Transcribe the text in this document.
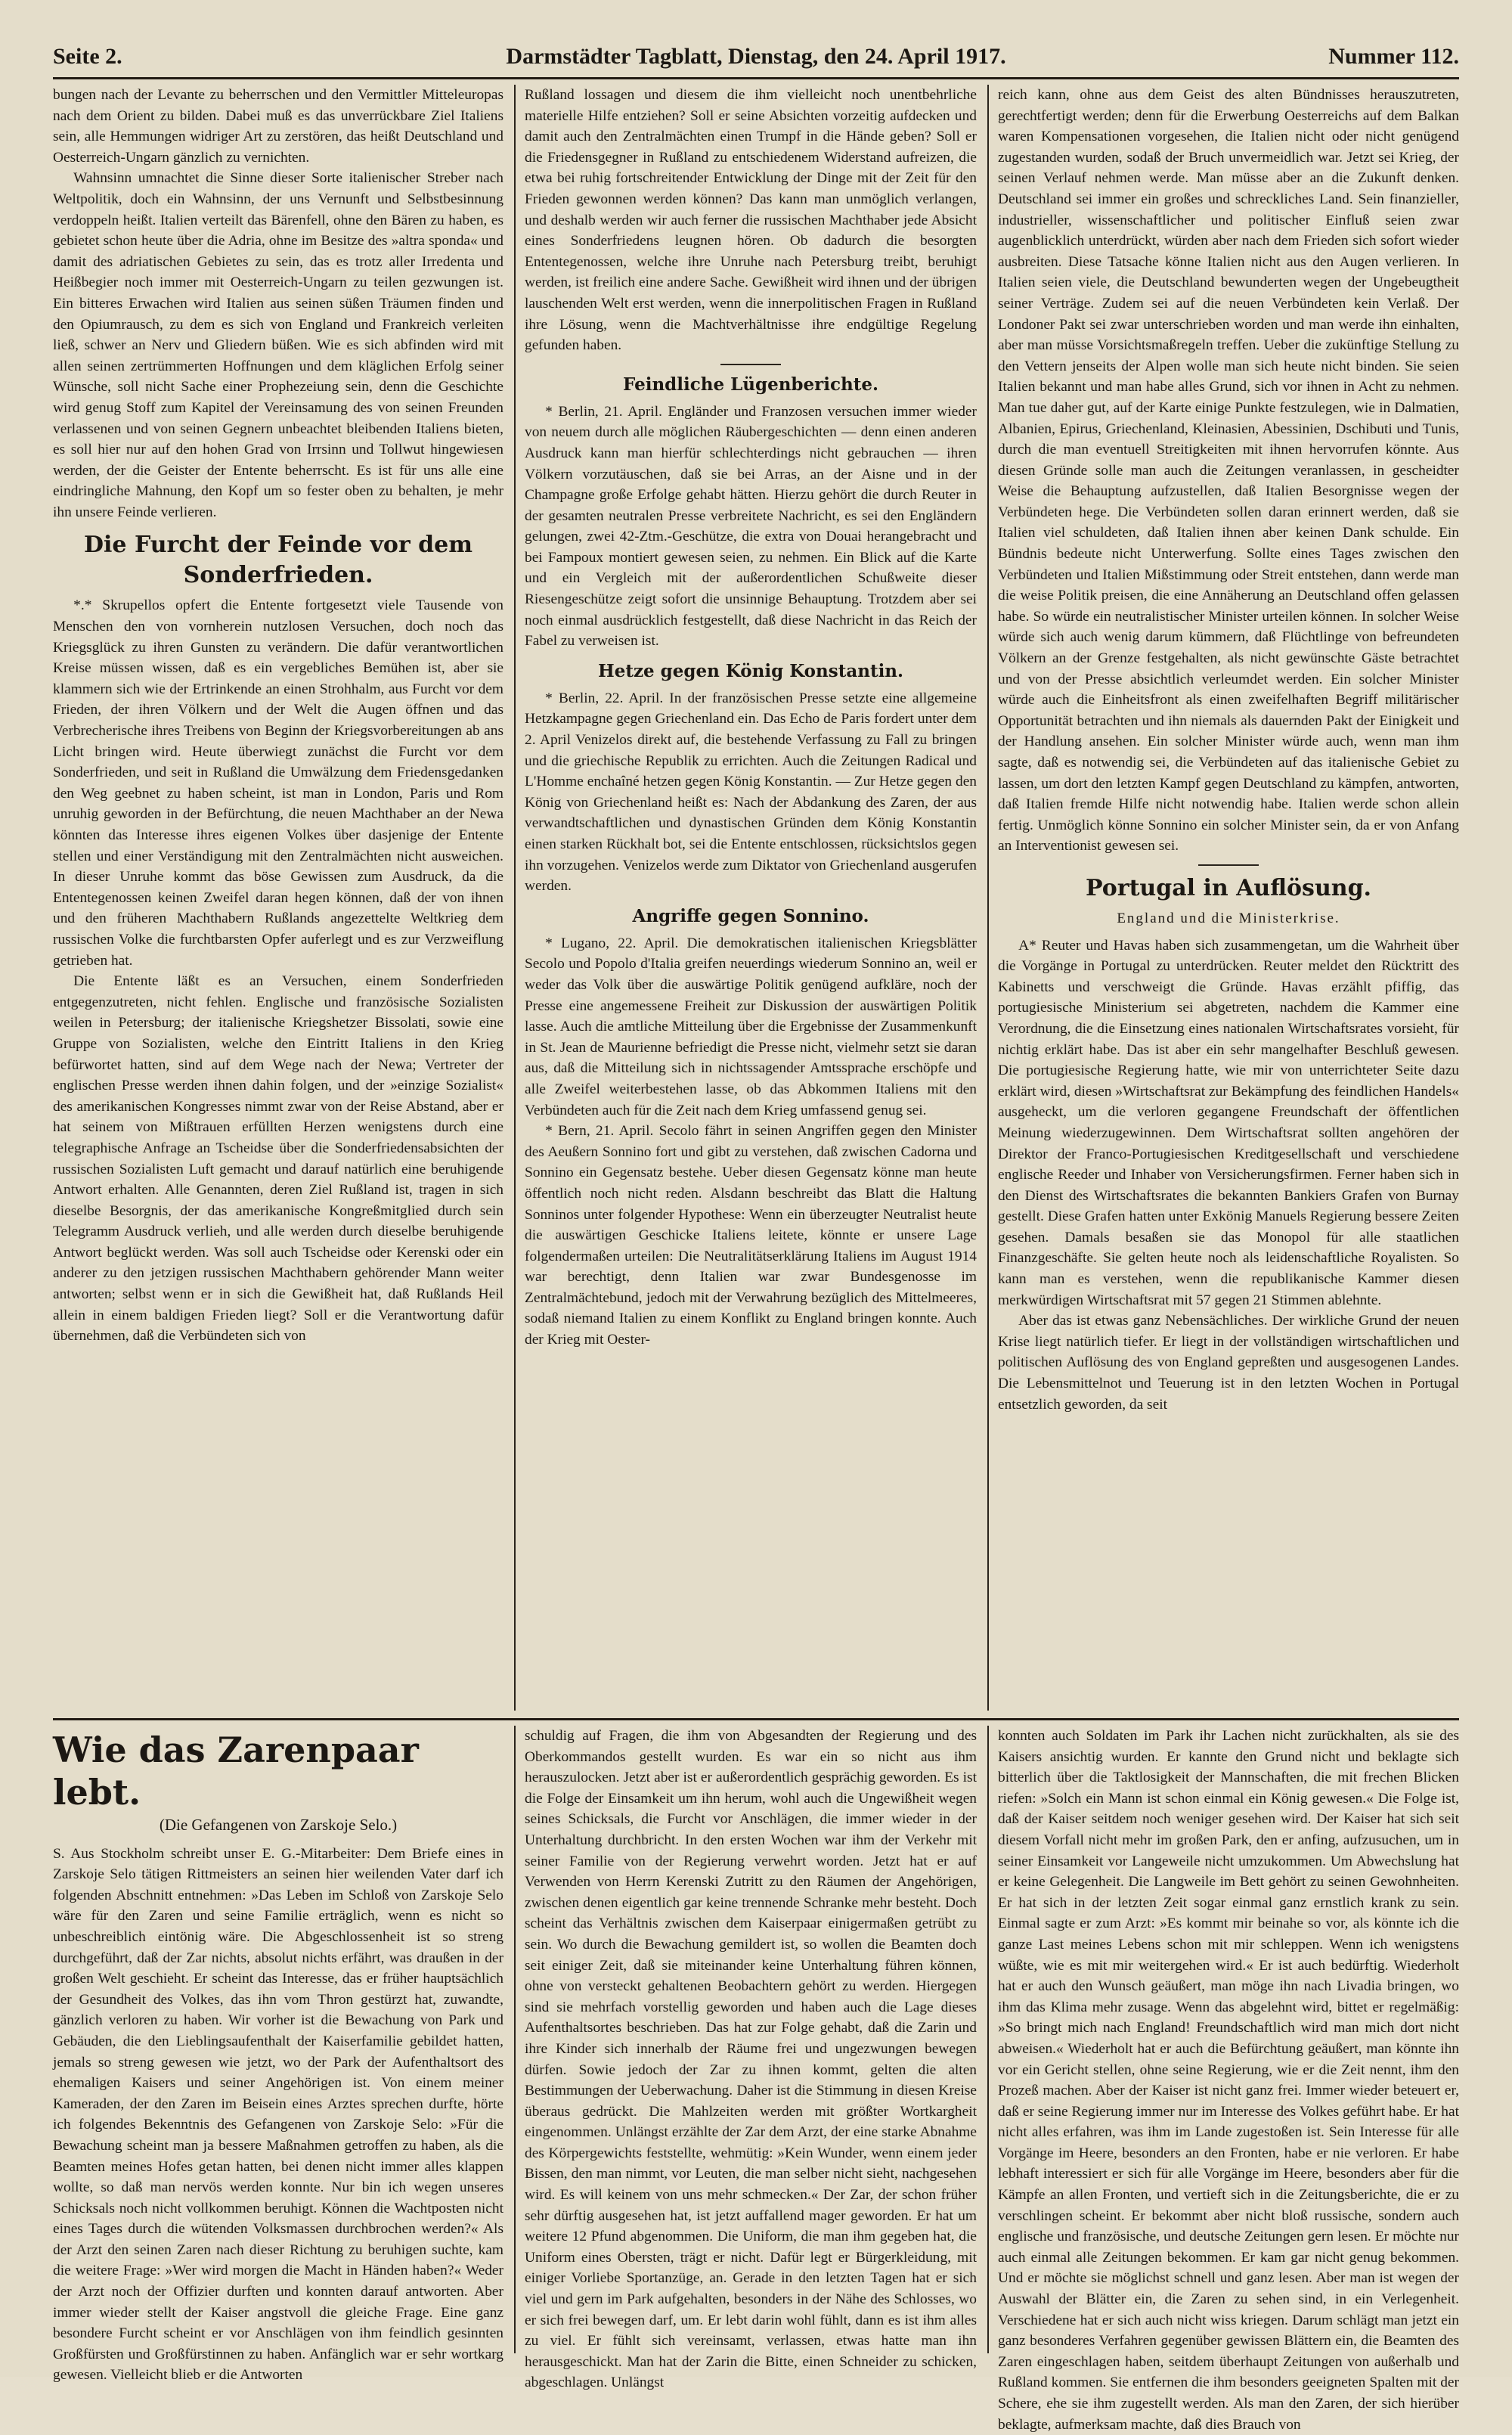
Darmstädter Tagblatt, Dienstag, den 24. April 1917.
Seite 2.	Nummer 112.

bungen nach der Levante zu beherrschen und den Vermittler Mitteleuropas nach dem Orient zu bilden. Dabei muß es das unverrückbare Ziel Italiens sein, alle Hemmungen widriger Art zu zerstören, das heißt Deutschland und Oesterreich-Ungarn gänzlich zu vernichten.

Wahnsinn umnachtet die Sinne dieser Sorte italienischer Streber nach Weltpolitik, doch ein Wahnsinn, der uns Vernunft und Selbstbesinnung verdoppeln heißt. Italien verteilt das Bärenfell, ohne den Bären zu haben, es gebietet schon heute über die Adria, ohne im Besitze des »altra sponda« und damit des adriatischen Gebietes zu sein, das es trotz aller Irredenta und Heißbegier noch immer mit Oesterreich-Ungarn zu teilen gezwungen ist. Ein bitteres Erwachen wird Italien aus seinen süßen Träumen finden und den Opiumrausch, zu dem es sich von England und Frankreich verleiten ließ, schwer an Nerv und Gliedern büßen. Wie es sich abfinden wird mit allen seinen zertrümmerten Hoffnungen und dem kläglichen Erfolg seiner Wünsche, soll nicht Sache einer Prophezeiung sein, denn die Geschichte wird genug Stoff zum Kapitel der Vereinsamung des von seinen Freunden verlassenen und von seinen Gegnern unbeachtet bleibenden Italiens bieten, es soll hier nur auf den hohen Grad von Irrsinn und Tollwut hingewiesen werden, der die Geister der Entente beherrscht. Es ist für uns alle eine eindringliche Mahnung, den Kopf um so fester oben zu behalten, je mehr ihn unsere Feinde verlieren.

Die Furcht der Feinde vor dem Sonderfrieden.

*.* Skrupellos opfert die Entente fortgesetzt viele Tausende von Menschen den von vornherein nutzlosen Versuchen, doch noch das Kriegsglück zu ihren Gunsten zu verändern. Die dafür verantwortlichen Kreise müssen wissen, daß es ein vergebliches Bemühen ist, aber sie klammern sich wie der Ertrinkende an einen Strohhalm, aus Furcht vor dem Frieden, der ihren Völkern und der Welt die Augen öffnen und das Verbrecherische ihres Treibens von Beginn der Kriegsvorbereitungen ab ans Licht bringen wird. Heute überwiegt zunächst die Furcht vor dem Sonderfrieden, und seit in Rußland die Umwälzung dem Friedensgedanken den Weg geebnet zu haben scheint, ist man in London, Paris und Rom unruhig geworden in der Befürchtung, die neuen Machthaber an der Newa könnten das Interesse ihres eigenen Volkes über dasjenige der Entente stellen und einer Verständigung mit den Zentralmächten nicht ausweichen. In dieser Unruhe kommt das böse Gewissen zum Ausdruck, da die Ententegenossen keinen Zweifel daran hegen können, daß der von ihnen und den früheren Machthabern Rußlands angezettelte Weltkrieg dem russischen Volke die furchtbarsten Opfer auferlegt und es zur Verzweiflung getrieben hat.

Die Entente läßt es an Versuchen, einem Sonderfrieden entgegenzutreten, nicht fehlen. Englische und französische Sozialisten weilen in Petersburg; der italienische Kriegshetzer Bissolati, sowie eine Gruppe von Sozialisten, welche den Eintritt Italiens in den Krieg befürwortet hatten, sind auf dem Wege nach der Newa; Vertreter der englischen Presse werden ihnen dahin folgen, und der »einzige Sozialist« des amerikanischen Kongresses nimmt zwar von der Reise Abstand, aber er hat seinem von Mißtrauen erfüllten Herzen wenigstens durch eine telegraphische Anfrage an Tscheidse über die Sonderfriedensabsichten der russischen Sozialisten Luft gemacht und darauf natürlich eine beruhigende Antwort erhalten. Alle Genannten, deren Ziel Rußland ist, tragen in sich dieselbe Besorgnis, der das amerikanische Kongreßmitglied durch sein Telegramm Ausdruck verlieh, und alle werden durch dieselbe beruhigende Antwort beglückt werden. Was soll auch Tscheidse oder Kerenski oder ein anderer zu den jetzigen russischen Machthabern gehörender Mann weiter antworten; selbst wenn er in sich die Gewißheit hat, daß Rußlands Heil allein in einem baldigen Frieden liegt? Soll er die Verantwortung dafür übernehmen, daß die Verbündeten sich von

Rußland lossagen und diesem die ihm vielleicht noch unentbehrliche materielle Hilfe entziehen? Soll er seine Absichten vorzeitig aufdecken und damit auch den Zentralmächten einen Trumpf in die Hände geben? Soll er die Friedensgegner in Rußland zu entschiedenem Widerstand aufreizen, die etwa bei ruhig fortschreitender Entwicklung der Dinge mit der Zeit für den Frieden gewonnen werden können? Das kann man unmöglich verlangen, und deshalb werden wir auch ferner die russischen Machthaber jede Absicht eines Sonderfriedens leugnen hören. Ob dadurch die besorgten Ententegenossen, welche ihre Unruhe nach Petersburg treibt, beruhigt werden, ist freilich eine andere Sache. Gewißheit wird ihnen und der übrigen lauschenden Welt erst werden, wenn die innerpolitischen Fragen in Rußland ihre Lösung, wenn die Machtverhältnisse ihre endgültige Regelung gefunden haben.

Feindliche Lügenberichte.

* Berlin, 21. April. Engländer und Franzosen versuchen immer wieder von neuem durch alle möglichen Räubergeschichten — denn einen anderen Ausdruck kann man hierfür schlechterdings nicht gebrauchen — ihren Völkern vorzutäuschen, daß sie bei Arras, an der Aisne und in der Champagne große Erfolge gehabt hätten. Hierzu gehört die durch Reuter in der gesamten neutralen Presse verbreitete Nachricht, es sei den Engländern gelungen, zwei 42-Ztm.-Geschütze, die extra von Douai herangebracht und bei Fampoux montiert gewesen seien, zu nehmen. Ein Blick auf die Karte und ein Vergleich mit der außerordentlichen Schußweite dieser Riesengeschütze zeigt sofort die unsinnige Behauptung. Trotzdem aber sei noch einmal ausdrücklich festgestellt, daß diese Nachricht in das Reich der Fabel zu verweisen ist.

Hetze gegen König Konstantin.

* Berlin, 22. April. In der französischen Presse setzte eine allgemeine Hetzkampagne gegen Griechenland ein. Das Echo de Paris fordert unter dem 2. April Venizelos direkt auf, die bestehende Verfassung zu Fall zu bringen und die griechische Republik zu errichten. Auch die Zeitungen Radical und L'Homme enchaîné hetzen gegen König Konstantin. — Zur Hetze gegen den König von Griechenland heißt es: Nach der Abdankung des Zaren, der aus verwandtschaftlichen und dynastischen Gründen dem König Konstantin einen starken Rückhalt bot, sei die Entente entschlossen, rücksichtslos gegen ihn vorzugehen. Venizelos werde zum Diktator von Griechenland ausgerufen werden.

Angriffe gegen Sonnino.

* Lugano, 22. April. Die demokratischen italienischen Kriegsblätter Secolo und Popolo d'Italia greifen neuerdings wiederum Sonnino an, weil er weder das Volk über die auswärtige Politik genügend aufkläre, noch der Presse eine angemessene Freiheit zur Diskussion der auswärtigen Politik lasse. Auch die amtliche Mitteilung über die Ergebnisse der Zusammenkunft in St. Jean de Maurienne befriedigt die Presse nicht, vielmehr setzt sie daran aus, daß die Mitteilung sich in nichtssagender Amtssprache erschöpfe und alle Zweifel weiterbestehen lasse, ob das Abkommen Italiens mit den Verbündeten auch für die Zeit nach dem Krieg umfassend genug sei.

* Bern, 21. April. Secolo fährt in seinen Angriffen gegen den Minister des Aeußern Sonnino fort und gibt zu verstehen, daß zwischen Cadorna und Sonnino ein Gegensatz bestehe. Ueber diesen Gegensatz könne man heute öffentlich noch nicht reden. Alsdann beschreibt das Blatt die Haltung Sonninos unter folgender Hypothese: Wenn ein überzeugter Neutralist heute die auswärtigen Geschicke Italiens leitete, könnte er unsere Lage folgendermaßen urteilen: Die Neutralitätserklärung Italiens im August 1914 war berechtigt, denn Italien war zwar Bundesgenosse im Zentralmächtebund, jedoch mit der Verwahrung bezüglich des Mittelmeeres, sodaß niemand Italien zu einem Konflikt zu England bringen konnte. Auch der Krieg mit Oester-

reich kann, ohne aus dem Geist des alten Bündnisses herauszutreten, gerechtfertigt werden; denn für die Erwerbung Oesterreichs auf dem Balkan waren Kompensationen vorgesehen, die Italien nicht oder nicht genügend zugestanden wurden, sodaß der Bruch unvermeidlich war. Jetzt sei Krieg, der seinen Verlauf nehmen werde. Man müsse aber an die Zukunft denken. Deutschland sei immer ein großes und schreckliches Land. Sein finanzieller, industrieller, wissenschaftlicher und politischer Einfluß seien zwar augenblicklich unterdrückt, würden aber nach dem Frieden sich sofort wieder ausbreiten. Diese Tatsache könne Italien nicht aus den Augen verlieren. In Italien seien viele, die Deutschland bewunderten wegen der Ungebeugtheit seiner Verträge. Zudem sei auf die neuen Verbündeten kein Verlaß. Der Londoner Pakt sei zwar unterschrieben worden und man werde ihn einhalten, aber man müsse Vorsichtsmaßregeln treffen. Ueber die zukünftige Stellung zu den Vettern jenseits der Alpen wolle man sich heute nicht binden. Sie seien Italien bekannt und man habe alles Grund, sich vor ihnen in Acht zu nehmen. Man tue daher gut, auf der Karte einige Punkte festzulegen, wie in Dalmatien, Albanien, Epirus, Griechenland, Kleinasien, Abessinien, Dschibuti und Tunis, durch die man eventuell Streitigkeiten mit ihnen hervorrufen könnte. Aus diesen Gründe solle man auch die Zeitungen veranlassen, in gescheidter Weise die Behauptung aufzustellen, daß Italien Besorgnisse wegen der Verbündeten hege. Die Verbündeten sollen daran erinnert werden, daß sie Italien viel schuldeten, daß Italien ihnen aber keinen Dank schulde. Ein Bündnis bedeute nicht Unterwerfung. Sollte eines Tages zwischen den Verbündeten und Italien Mißstimmung oder Streit entstehen, dann werde man die weise Politik preisen, die eine Annäherung an Deutschland offen gelassen habe. So würde ein neutralistischer Minister urteilen können. In solcher Weise würde sich auch wenig darum kümmern, daß Flüchtlinge von befreundeten Völkern an der Grenze festgehalten, als nicht gewünschte Gäste betrachtet und von der Presse absichtlich verleumdet werden. Ein solcher Minister würde auch die Einheitsfront als einen zweifelhaften Begriff militärischer Opportunität betrachten und ihn niemals als dauernden Pakt der Einigkeit und der Handlung ansehen. Ein solcher Minister würde auch, wenn man ihm sagte, daß es notwendig sei, die Verbündeten auf das italienische Gebiet zu lassen, um dort den letzten Kampf gegen Deutschland zu kämpfen, antworten, daß Italien fremde Hilfe nicht notwendig habe. Italien werde schon allein fertig. Unmöglich könne Sonnino ein solcher Minister sein, da er von Anfang an Interventionist gewesen sei.

Portugal in Auflösung.
England und die Ministerkrise.

A* Reuter und Havas haben sich zusammengetan, um die Wahrheit über die Vorgänge in Portugal zu unterdrücken. Reuter meldet den Rücktritt des Kabinetts und verschweigt die Gründe. Havas erzählt pfiffig, das portugiesische Ministerium sei abgetreten, nachdem die Kammer eine Verordnung, die die Einsetzung eines nationalen Wirtschaftsrates vorsieht, für nichtig erklärt habe. Das ist aber ein sehr mangelhafter Beschluß gewesen. Die portugiesische Regierung hatte, wie mir von unterrichteter Seite dazu erklärt wird, diesen »Wirtschaftsrat zur Bekämpfung des feindlichen Handels« ausgeheckt, um die verloren gegangene Freundschaft der öffentlichen Meinung wiederzugewinnen. Dem Wirtschaftsrat sollten angehören der Direktor der Franco-Portugiesischen Kreditgesellschaft und verschiedene englische Reeder und Inhaber von Versicherungsfirmen. Ferner haben sich in den Dienst des Wirtschaftsrates die bekannten Bankiers Grafen von Burnay gestellt. Diese Grafen hatten unter Exkönig Manuels Regierung bessere Zeiten gesehen. Damals besaßen sie das Monopol für alle staatlichen Finanzgeschäfte. Sie gelten heute noch als leidenschaftliche Royalisten. So kann man es verstehen, wenn die republikanische Kammer diesen merkwürdigen Wirtschaftsrat mit 57 gegen 21 Stimmen ablehnte.

Aber das ist etwas ganz Nebensächliches. Der wirkliche Grund der neuen Krise liegt natürlich tiefer. Er liegt in der vollständigen wirtschaftlichen und politischen Auflösung des von England gepreßten und ausgesogenen Landes. Die Lebensmittelnot und Teuerung ist in den letzten Wochen in Portugal entsetzlich geworden, da seit

Wie das Zarenpaar lebt.
(Die Gefangenen von Zarskoje Selo.)

S. Aus Stockholm schreibt unser E. G.-Mitarbeiter: Dem Briefe eines in Zarskoje Selo tätigen Rittmeisters an seinen hier weilenden Vater darf ich folgenden Abschnitt entnehmen: »Das Leben im Schloß von Zarskoje Selo wäre für den Zaren und seine Familie erträglich, wenn es nicht so unbeschreiblich eintönig wäre. Die Abgeschlossenheit ist so streng durchgeführt, daß der Zar nichts, absolut nichts erfährt, was draußen in der großen Welt geschieht. Er scheint das Interesse, das er früher hauptsächlich der Gesundheit des Volkes, das ihn vom Thron gestürzt hat, zuwandte, gänzlich verloren zu haben. Wir vorher ist die Bewachung von Park und Gebäuden, die den Lieblingsaufenthalt der Kaiserfamilie gebildet hatten, jemals so streng gewesen wie jetzt, wo der Park der Aufenthaltsort des ehemaligen Kaisers und seiner Angehörigen ist. Von einem meiner Kameraden, der den Zaren im Beisein eines Arztes sprechen durfte, hörte ich folgendes Bekenntnis des Gefangenen von Zarskoje Selo: »Für die Bewachung scheint man ja bessere Maßnahmen getroffen zu haben, als die Beamten meines Hofes getan hatten, bei denen nicht immer alles klappen wollte, so daß man nervös werden konnte. Nur bin ich wegen unseres Schicksals noch nicht vollkommen beruhigt. Können die Wachtposten nicht eines Tages durch die wütenden Volksmassen durchbrochen werden?« Als der Arzt den seinen Zaren nach dieser Richtung zu beruhigen suchte, kam die weitere Frage: »Wer wird morgen die Macht in Händen haben?« Weder der Arzt noch der Offizier durften und konnten darauf antworten. Aber immer wieder stellt der Kaiser angstvoll die gleiche Frage. Eine ganz besondere Furcht scheint er vor Anschlägen von ihm feindlich gesinnten Großfürsten und Großfürstinnen zu haben. Anfänglich war er sehr wortkarg gewesen. Vielleicht blieb er die Antworten

schuldig auf Fragen, die ihm von Abgesandten der Regierung und des Oberkommandos gestellt wurden. Es war ein so nicht aus ihm herauszulocken. Jetzt aber ist er außerordentlich gesprächig geworden. Es ist die Folge der Einsamkeit um ihn herum, wohl auch die Ungewißheit wegen seines Schicksals, die Furcht vor Anschlägen, die immer wieder in der Unterhaltung durchbricht. In den ersten Wochen war ihm der Verkehr mit seiner Familie von der Regierung verwehrt worden. Jetzt hat er auf Verwenden von Herrn Kerenski Zutritt zu den Räumen der Angehörigen, zwischen denen eigentlich gar keine trennende Schranke mehr besteht. Doch scheint das Verhältnis zwischen dem Kaiserpaar einigermaßen getrübt zu sein. Wo durch die Bewachung gemildert ist, so wollen die Beamten doch seit einiger Zeit, daß sie miteinander keine Unterhaltung führen können, ohne von versteckt gehaltenen Beobachtern gehört zu werden. Hiergegen sind sie mehrfach vorstellig geworden und haben auch die Lage dieses Aufenthaltsortes beschrieben. Das hat zur Folge gehabt, daß die Zarin und ihre Kinder sich innerhalb der Räume frei und ungezwungen bewegen dürfen. Sowie jedoch der Zar zu ihnen kommt, gelten die alten Bestimmungen der Ueberwachung. Daher ist die Stimmung in diesen Kreise überaus gedrückt. Die Mahlzeiten werden mit größter Wortkargheit eingenommen. Unlängst erzählte der Zar dem Arzt, der eine starke Abnahme des Körpergewichts feststellte, wehmütig: »Kein Wunder, wenn einem jeder Bissen, den man nimmt, vor Leuten, die man selber nicht sieht, nachgesehen wird. Es will keinem von uns mehr schmecken.« Der Zar, der schon früher sehr dürftig ausgesehen hat, ist jetzt auffallend mager geworden. Er hat um weitere 12 Pfund abgenommen. Die Uniform, die man ihm gegeben hat, die Uniform eines Obersten, trägt er nicht. Dafür legt er Bürgerkleidung, mit einiger Vorliebe Sportanzüge, an. Gerade in den letzten Tagen hat er sich viel und gern im Park aufgehalten, besonders in der Nähe des Schlosses, wo er sich frei bewegen darf, um. Er lebt darin wohl fühlt, dann es ist ihm alles zu viel. Er fühlt sich vereinsamt, verlassen, etwas hatte man ihn herausgeschickt. Man hat der Zarin die Bitte, einen Schneider zu schicken, abgeschlagen. Unlängst

konnten auch Soldaten im Park ihr Lachen nicht zurückhalten, als sie des Kaisers ansichtig wurden. Er kannte den Grund nicht und beklagte sich bitterlich über die Taktlosigkeit der Mannschaften, die mit frechen Blicken riefen: »Solch ein Mann ist schon einmal ein König gewesen.« Die Folge ist, daß der Kaiser seitdem noch weniger gesehen wird. Der Kaiser hat sich seit diesem Vorfall nicht mehr im großen Park, den er anfing, aufzusuchen, um in seiner Einsamkeit vor Langeweile nicht umzukommen. Um Abwechslung hat er keine Gelegenheit. Die Langweile im Bett gehört zu seinen Gewohnheiten. Er hat sich in der letzten Zeit sogar einmal ganz ernstlich krank zu sein. Einmal sagte er zum Arzt: »Es kommt mir beinahe so vor, als könnte ich die ganze Last meines Lebens schon mit mir schleppen. Wenn ich wenigstens wüßte, wie es mit mir weitergehen wird.« Er ist auch bedürftig. Wiederholt hat er auch den Wunsch geäußert, man möge ihn nach Livadia bringen, wo ihm das Klima mehr zusage. Wenn das abgelehnt wird, bittet er regelmäßig: »So bringt mich nach England! Freundschaftlich wird man mich dort nicht abweisen.« Wiederholt hat er auch die Befürchtung geäußert, man könnte ihn vor ein Gericht stellen, ohne seine Regierung, wie er die Zeit nennt, ihm den Prozeß machen. Aber der Kaiser ist nicht ganz frei. Immer wieder beteuert er, daß er seine Regierung immer nur im Interesse des Volkes geführt habe. Er hat nicht alles erfahren, was ihm im Lande zugestoßen ist. Sein Interesse für alle Vorgänge im Heere, besonders an den Fronten, habe er nie verloren. Er habe lebhaft interessiert er sich für alle Vorgänge im Heere, besonders aber für die Kämpfe an allen Fronten, und vertieft sich in die Zeitungsberichte, die er zu verschlingen scheint. Er bekommt aber nicht bloß russische, sondern auch englische und französische, und deutsche Zeitungen gern lesen. Er möchte nur auch einmal alle Zeitungen bekommen. Er kam gar nicht genug bekommen. Und er möchte sie möglichst schnell und ganz lesen. Aber man ist wegen der Auswahl der Blätter ein, die Zaren zu sehen sind, in ein Verlegenheit. Verschiedene hat er sich auch nicht wiss kriegen. Darum schlägt man jetzt ein ganz besonderes Verfahren gegenüber gewissen Blättern ein, die Beamten des Zaren eingeschlagen haben, seitdem überhaupt Zeitungen von außerhalb und Rußland kommen. Sie entfernen die ihm besonders geeigneten Spalten mit der Schere, ehe sie ihm zugestellt werden. Als man den Zaren, der sich hierüber beklagte, aufmerksam machte, daß dies Brauch von
